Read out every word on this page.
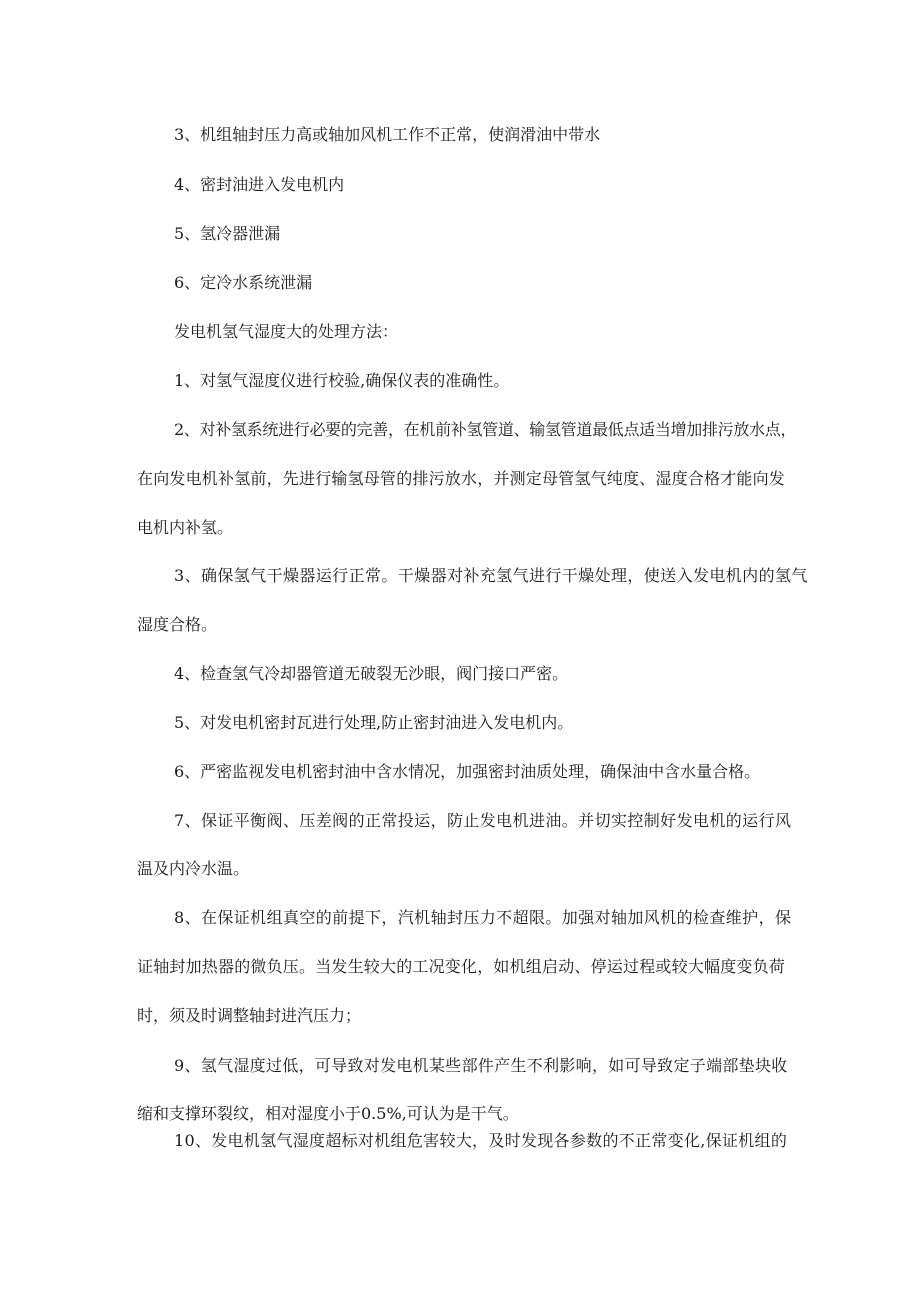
3、机组轴封压力高或轴加风机工作不正常，使润滑油中带水

4、密封油进入发电机内

5、氢冷器泄漏

6、定冷水系统泄漏

发电机氢气湿度大的处理方法：

1、对氢气湿度仪进行校验,确保仪表的准确性。

2、对补氢系统进行必要的完善，在机前补氢管道、输氢管道最低点适当增加排污放水点，

在向发电机补氢前，先进行输氢母管的排污放水，并测定母管氢气纯度、湿度合格才能向发

电机内补氢。

3、确保氢气干燥器运行正常。干燥器对补充氢气进行干燥处理，使送入发电机内的氢气

湿度合格。

4、检查氢气冷却器管道无破裂无沙眼，阀门接口严密。

5、对发电机密封瓦进行处理,防止密封油进入发电机内。

6、严密监视发电机密封油中含水情况，加强密封油质处理，确保油中含水量合格。

7、保证平衡阀、压差阀的正常投运，防止发电机进油。并切实控制好发电机的运行风

温及内冷水温。

8、在保证机组真空的前提下，汽机轴封压力不超限。加强对轴加风机的检查维护，保

证轴封加热器的微负压。当发生较大的工况变化，如机组启动、停运过程或较大幅度变负荷

时，须及时调整轴封进汽压力；

9、氢气湿度过低，可导致对发电机某些部件产生不利影响，如可导致定子端部垫块收

缩和支撑环裂纹，相对湿度小于0.5%,可认为是干气。

10、发电机氢气湿度超标对机组危害较大，及时发现各参数的不正常变化,保证机组的
